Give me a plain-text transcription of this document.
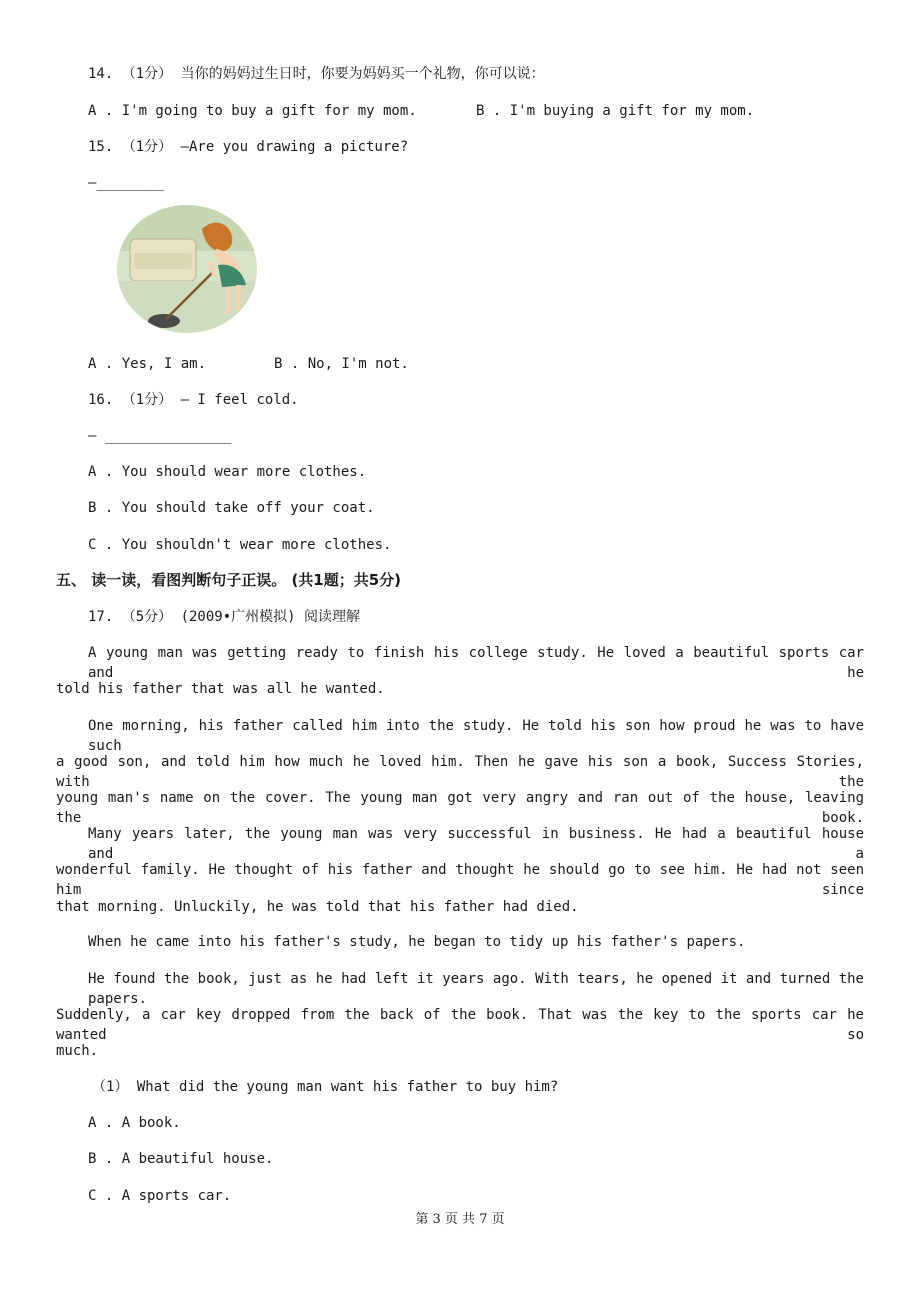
14. （1分） 当你的妈妈过生日时，你要为妈妈买一个礼物，你可以说：
A . I'm going to buy a gift for my mom.	B . I'm buying a gift for my mom.
15. （1分） —Are you drawing a picture?
—________
A . Yes, I am.	B . No, I'm not.
16. （1分） — I feel cold.
— _______________
A . You should wear more clothes.
B . You should take off your coat.
C . You shouldn't wear more clothes.
五、 读一读，看图判断句子正误。 (共1题；共5分)
17. （5分） (2009•广州模拟) 阅读理解
A young man was getting ready to finish his college study. He loved a beautiful sports car and he
told his father that was all he wanted.
One morning, his father called him into the study. He told his son how proud he was to have such
a good son, and told him how much he loved him. Then he gave his son a book, Success Stories, with the
young man's name on the cover. The young man got very angry and ran out of the house, leaving the book.
Many years later, the young man was very successful in business. He had a beautiful house and a
wonderful family. He thought of his father and thought he should go to see him. He had not seen him since
that morning. Unluckily, he was told that his father had died.
When he came into his father's study, he began to tidy up his father's papers.
He found the book, just as he had left it years ago. With tears, he opened it and turned the papers.
Suddenly, a car key dropped from the back of the book. That was the key to the sports car he wanted so
much.
（1） What did the young man want his father to buy him?
A . A book.
B . A beautiful house.
C . A sports car.
第 3 页 共 7 页
